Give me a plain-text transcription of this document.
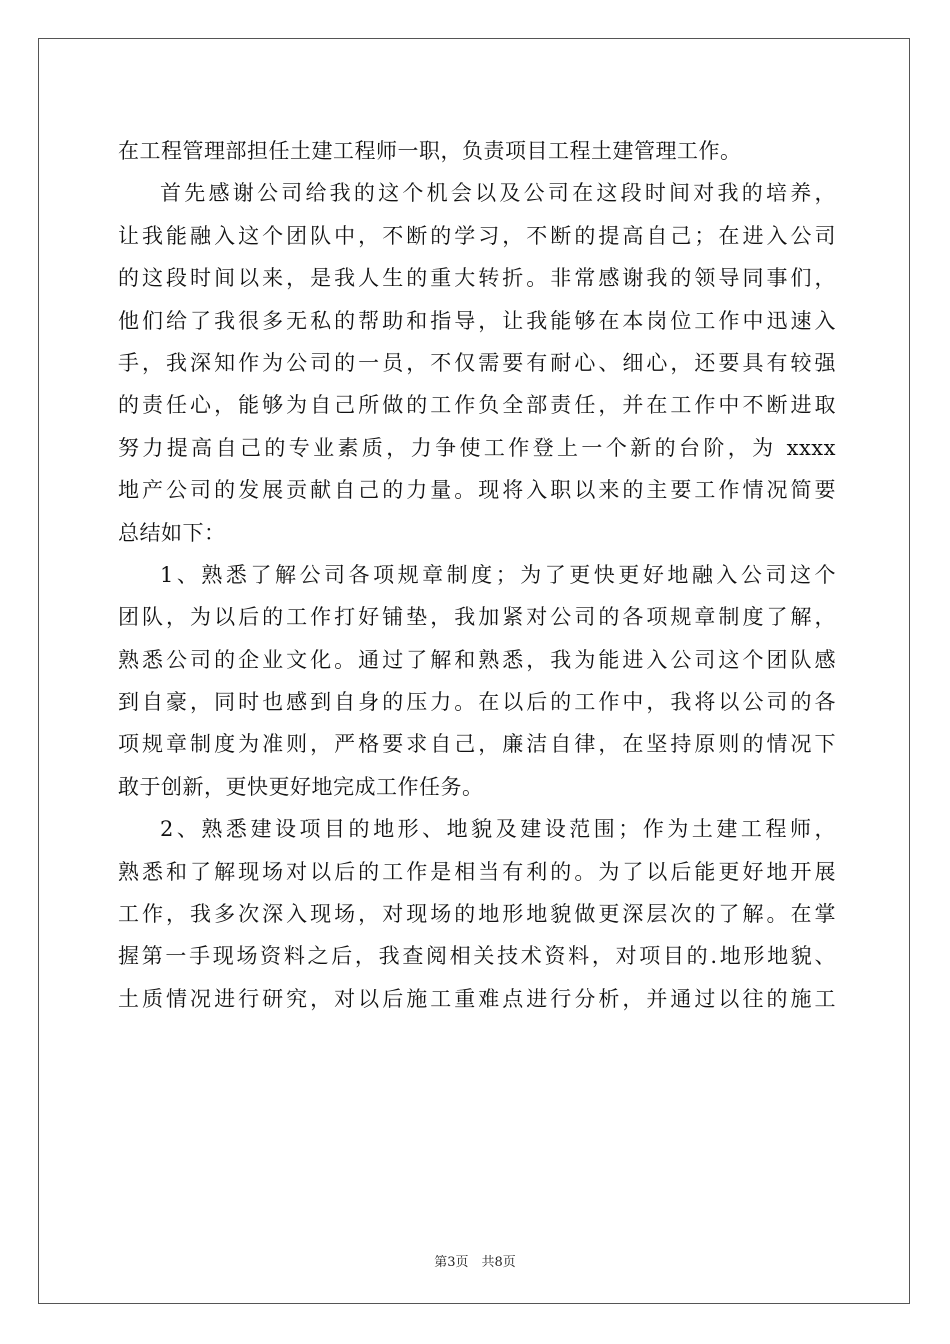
在工程管理部担任土建工程师一职，负责项目工程土建管理工作。
首先感谢公司给我的这个机会以及公司在这段时间对我的培养，
让我能融入这个团队中，不断的学习，不断的提高自己；在进入公司
的这段时间以来，是我人生的重大转折。非常感谢我的领导同事们，
他们给了我很多无私的帮助和指导，让我能够在本岗位工作中迅速入
手，我深知作为公司的一员，不仅需要有耐心、细心，还要具有较强
的责任心，能够为自己所做的工作负全部责任，并在工作中不断进取
努力提高自己的专业素质，力争使工作登上一个新的台阶，为 xxxx
地产公司的发展贡献自己的力量。现将入职以来的主要工作情况简要
总结如下：
1、熟悉了解公司各项规章制度；为了更快更好地融入公司这个
团队，为以后的工作打好铺垫，我加紧对公司的各项规章制度了解，
熟悉公司的企业文化。通过了解和熟悉，我为能进入公司这个团队感
到自豪，同时也感到自身的压力。在以后的工作中，我将以公司的各
项规章制度为准则，严格要求自己，廉洁自律，在坚持原则的情况下
敢于创新，更快更好地完成工作任务。
2、熟悉建设项目的地形、地貌及建设范围；作为土建工程师，
熟悉和了解现场对以后的工作是相当有利的。为了以后能更好地开展
工作，我多次深入现场，对现场的地形地貌做更深层次的了解。在掌
握第一手现场资料之后，我查阅相关技术资料，对项目的.地形地貌、
土质情况进行研究，对以后施工重难点进行分析，并通过以往的施工
第3页　共8页
